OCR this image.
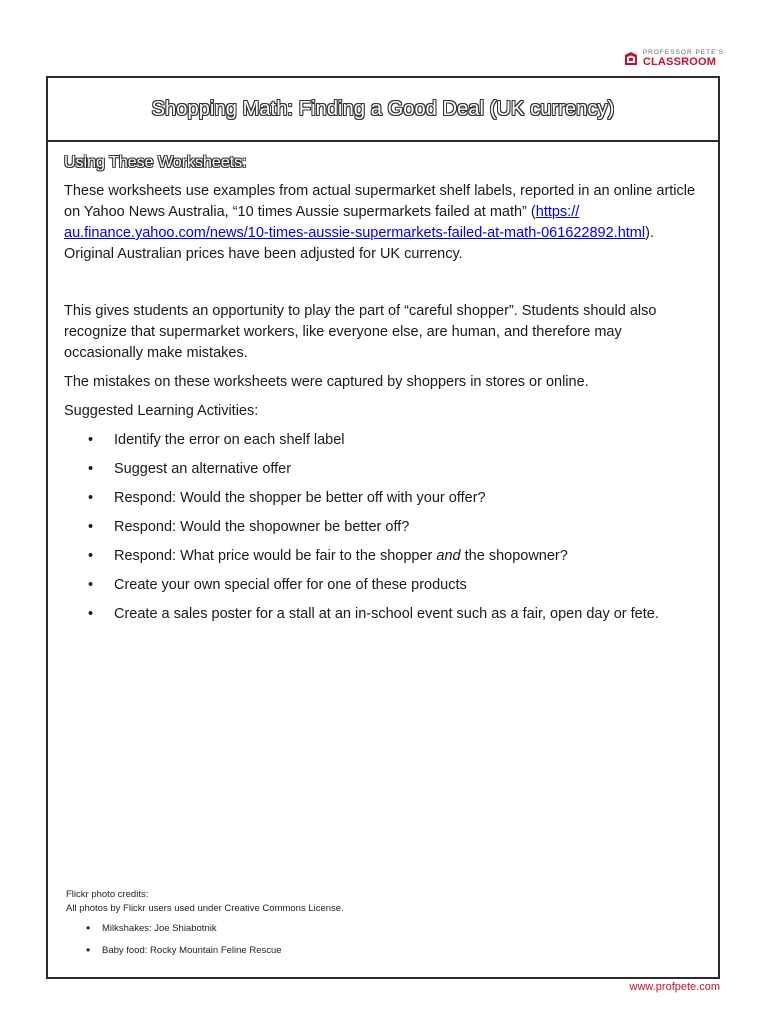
PROFESSOR PETE'S
CLASSROOM
Shopping Math: Finding a Good Deal (UK currency)
Using These Worksheets:

These worksheets use examples from actual supermarket shelf labels, reported in an online article on Yahoo News Australia, “10 times Aussie supermarkets failed at math” (https:// au.finance.yahoo.com/news/10-times-aussie-supermarkets-failed-at-math-061622892.html). Original Australian prices have been adjusted for UK currency.

This gives students an opportunity to play the part of “careful shopper”. Students should also recognize that supermarket workers, like everyone else, are human, and therefore may occasionally make mistakes.

The mistakes on these worksheets were captured by shoppers in stores or online.

Suggested Learning Activities:

• Identify the error on each shelf label
• Suggest an alternative offer
• Respond: Would the shopper be better off with your offer?
• Respond: Would the shopowner be better off?
• Respond: What price would be fair to the shopper and the shopowner?
• Create your own special offer for one of these products
• Create a sales poster for a stall at an in-school event such as a fair, open day or fete.
Flickr photo credits:
All photos by Flickr users used under Creative Commons License.
• Milkshakes: Joe Shiabotnik
• Baby food: Rocky Mountain Feline Rescue
www.profpete.com
